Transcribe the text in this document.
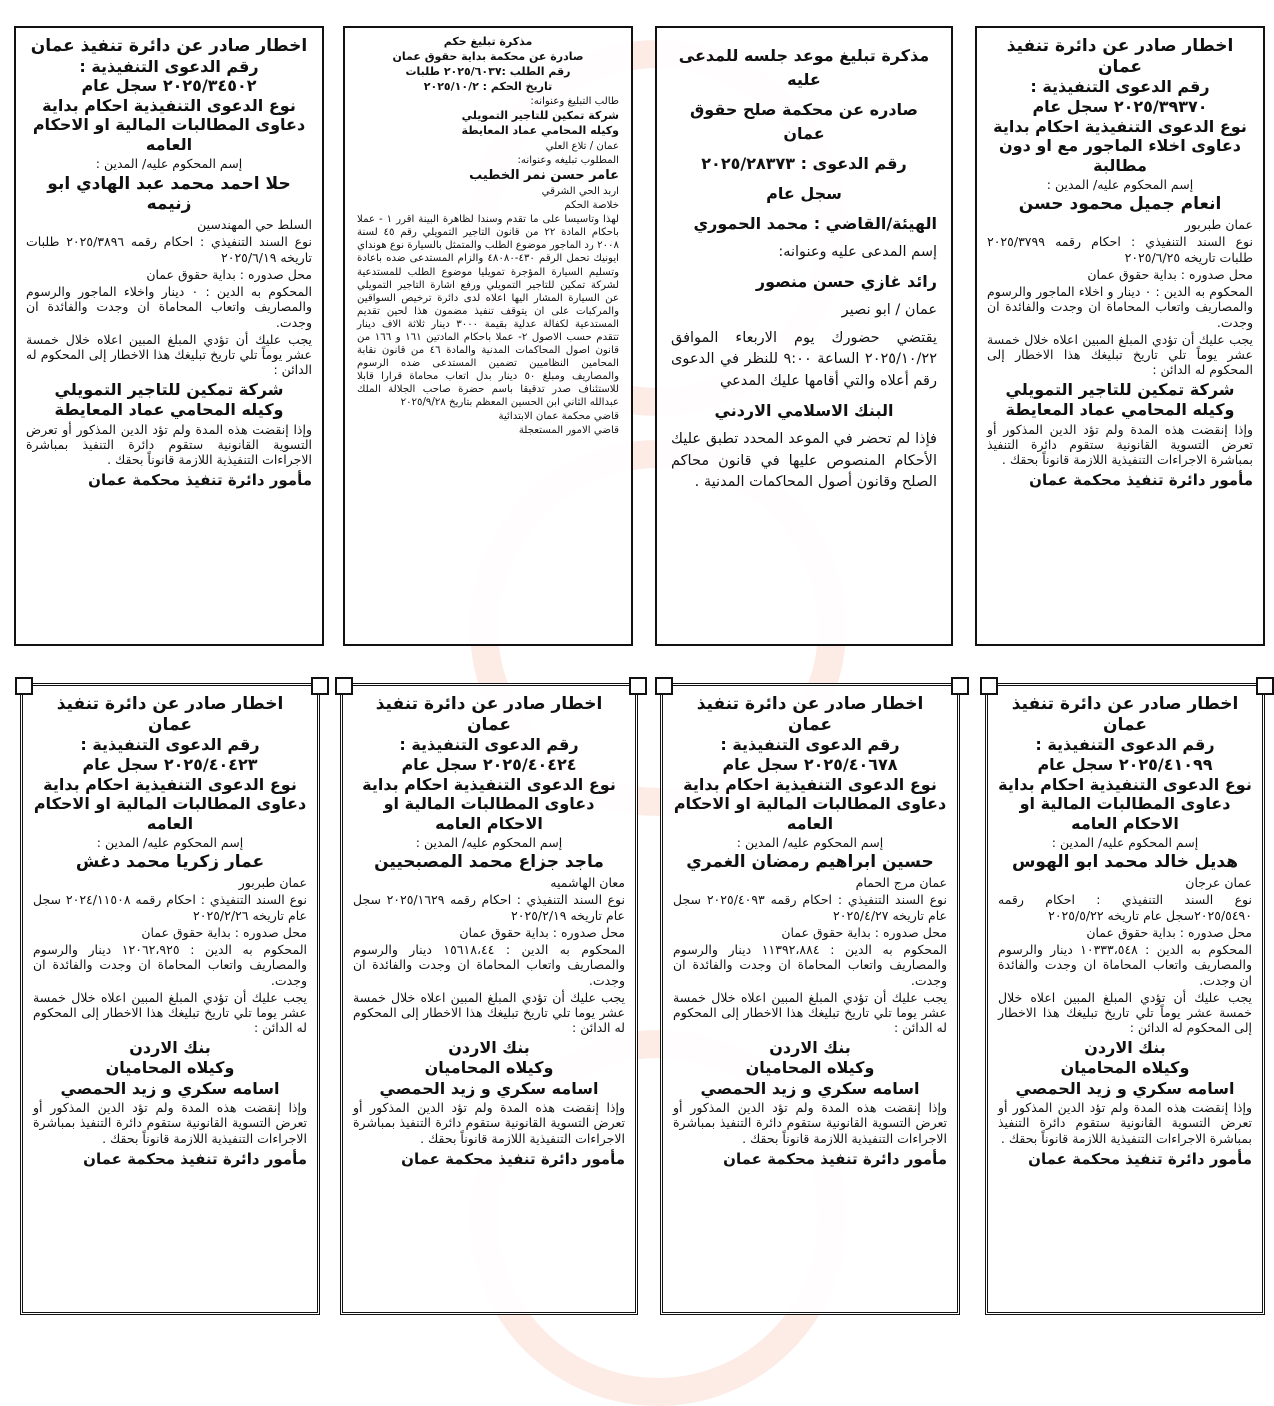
اخطار صادر عن دائرة تنفيذ عمان

رقم الدعوى التنفيذية :

٢٠٢٥/٣٩٣٧٠ سجل عام

نوع الدعوى التنفيذية احكام بداية

دعاوى اخلاء الماجور مع او دون مطالبة

إسم المحكوم عليه/ المدين :

انعام جميل محمود حسن

عمان طبربور

نوع السند التنفيذي : احكام رقمه ٢٠٢٥/٣٧٩٩ طلبات تاريخه ٢٠٢٥/٦/٢٥

محل صدوره : بداية حقوق عمان

المحكوم به الدين : ٠ دينار و اخلاء الماجور والرسوم والمصاريف واتعاب المحاماة ان وجدت والفائدة ان وجدت.

يجب عليك أن تؤدي المبلغ المبين اعلاه خلال خمسة عشر يوماً تلي تاريخ تبليغك هذا الاخطار إلى المحكوم له الدائن :

شركة تمكين للتاجير التمويلي

وكيله المحامي عماد المعايطة

وإذا إنقضت هذه المدة ولم تؤد الدين المذكور أو تعرض التسوية القانونية ستقوم دائرة التنفيذ بمباشرة الاجراءات التنفيذية اللازمة قانوناً بحقك .

مأمور دائرة تنفيذ محكمة عمان

مذكرة تبليغ موعد جلسه للمدعى عليه

صادره عن محكمة صلح حقوق عمان

رقم الدعوى : ٢٠٢٥/٢٨٣٧٣

سجل عام

الهيئة/القاضي : محمد الحموري

إسم المدعى عليه وعنوانه:

رائد غازي حسن منصور

عمان / ابو نصير

يقتضي حضورك يوم الاربعاء الموافق ٢٠٢٥/١٠/٢٢ الساعة ٩:٠٠ للنظر في الدعوى رقم أعلاه والتي أقامها عليك المدعي

البنك الاسلامي الاردني

فإذا لم تحضر في الموعد المحدد تطبق عليك الأحكام المنصوص عليها في قانون محاكم الصلح وقانون أصول المحاكمات المدنية .

مذكرة تبليغ حكم

صادرة عن محكمة بداية حقوق عمان

رقم الطلب :٢٠٢٥/٦٠٣٧ طلبات

تاريخ الحكم : ٢٠٢٥/١٠/٢

طالب التبليغ وعنوانه:

شركة تمكين للتاجير التمويلي

وكيله المحامي عماد المعايطة

عمان / تلاع العلي

المطلوب تبليغه وعنوانه:

عامر حسن نمر الخطيب

اربد الحي الشرقي

خلاصة الحكم

لهذا وتاسيسا على ما تقدم وسندا لظاهرة البينة اقرر ١ - عملا باحكام المادة ٢٢ من قانون التاجير التمويلي رقم ٤٥ لسنة ٢٠٠٨ رد الماجور موضوع الطلب والمتمثل بالسيارة نوع هونداي ايونيك تحمل الرقم ٤٣٠-٤٨٠٨٠ والزام المستدعى ضده باعادة وتسليم السيارة المؤجرة تمويليا موضوع الطلب للمستدعية لشركة تمكين للتاجير التمويلي ورفع اشارة التاجير التمويلي عن السيارة المشار اليها اعلاه لدى دائرة ترخيص السواقين والمركبات على ان يتوقف تنفيذ مضمون هذا لحين تقديم المستدعية لكفالة عدلية بقيمة ٣٠٠٠ دينار ثلاثة الاف دينار تتقدم حسب الاصول ٢- عملا باحكام المادتين ١٦١ و ١٦٦ من قانون اصول المحاكمات المدنية والمادة ٤٦ من قانون نقابة المحامين النظاميين تضمين المستدعى ضده الرسوم والمصاريف ومبلغ ٥٠ دينار بدل اتعاب محاماة قرارا قابلا للاستئناف صدر تدقيقا باسم حضرة صاحب الجلالة الملك عبدالله الثاني ابن الحسين المعظم بتاريخ ٢٠٢٥/٩/٢٨

قاضي محكمة عمان الابتدائية

قاضي الامور المستعجلة

اخطار صادر عن دائرة تنفيذ عمان

رقم الدعوى التنفيذية :

٢٠٢٥/٣٤٥٠٢ سجل عام

نوع الدعوى التنفيذية احكام بداية

دعاوى المطالبات المالية او الاحكام العامه

إسم المحكوم عليه/ المدين :

حلا احمد محمد عبد الهادي ابو زنيمه

السلط حي المهندسين

نوع السند التنفيذي : احكام رقمه ٢٠٢٥/٣٨٩٦ طلبات تاريخه ٢٠٢٥/٦/١٩

محل صدوره : بداية حقوق عمان

المحكوم به الدين : ٠ دينار واخلاء الماجور والرسوم والمصاريف واتعاب المحاماة ان وجدت والفائدة ان وجدت.

يجب عليك أن تؤدي المبلغ المبين اعلاه خلال خمسة عشر يوماً تلي تاريخ تبليغك هذا الاخطار إلى المحكوم له الدائن :

شركة تمكين للتاجير التمويلي

وكيله المحامي عماد المعايطة

وإذا إنقضت هذه المدة ولم تؤد الدين المذكور أو تعرض التسوية القانونية ستقوم دائرة التنفيذ بمباشرة الاجراءات التنفيذية اللازمة قانوناً بحقك .

مأمور دائرة تنفيذ محكمة عمان

اخطار صادر عن دائرة تنفيذ عمان

رقم الدعوى التنفيذية :

٢٠٢٥/٤١٠٩٩ سجل عام

نوع الدعوى التنفيذية احكام بداية

دعاوى المطالبات المالية او الاحكام العامه

إسم المحكوم عليه/ المدين :

هديل خالد محمد ابو الهوس

عمان عرجان

نوع السند التنفيذي : احكام رقمه ٢٠٢٥/٥٤٩٠سجل عام تاريخه ٢٠٢٥/٥/٢٢

محل صدوره : بداية حقوق عمان

المحكوم به الدين : ١٠٣٣٣،٥٤٨ دينار والرسوم والمصاريف واتعاب المحاماة ان وجدت والفائدة ان وجدت.

يجب عليك أن تؤدي المبلغ المبين اعلاه خلال خمسة عشر يوماً تلي تاريخ تبليغك هذا الاخطار إلى المحكوم له الدائن :

بنك الاردن

وكيلاه المحاميان

اسامه سكري و زيد الحمصي

وإذا إنقضت هذه المدة ولم تؤد الدين المذكور أو تعرض التسوية القانونية ستقوم دائرة التنفيذ بمباشرة الاجراءات التنفيذية اللازمة قانوناً بحقك .

مأمور دائرة تنفيذ محكمة عمان

اخطار صادر عن دائرة تنفيذ عمان

رقم الدعوى التنفيذية :

٢٠٢٥/٤٠٦٧٨ سجل عام

نوع الدعوى التنفيذية احكام بداية

دعاوى المطالبات المالية او الاحكام العامه

إسم المحكوم عليه/ المدين :

حسين ابراهيم رمضان الغمري

عمان مرج الحمام

نوع السند التنفيذي : احكام رقمه ٢٠٢٥/٤٠٩٣ سجل عام تاريخه ٢٠٢٥/٤/٢٧

محل صدوره : بداية حقوق عمان

المحكوم به الدين : ١١٣٩٢،٨٨٤ دينار والرسوم والمصاريف واتعاب المحاماة ان وجدت والفائدة ان وجدت.

يجب عليك أن تؤدي المبلغ المبين اعلاه خلال خمسة عشر يوما تلي تاريخ تبليغك هذا الاخطار إلى المحكوم له الدائن :

بنك الاردن

وكيلاه المحاميان

اسامه سكري و زيد الحمصي

وإذا إنقضت هذه المدة ولم تؤد الدين المذكور أو تعرض التسوية القانونية ستقوم دائرة التنفيذ بمباشرة الاجراءات التنفيذية اللازمة قانوناً بحقك .

مأمور دائرة تنفيذ محكمة عمان

اخطار صادر عن دائرة تنفيذ عمان

رقم الدعوى التنفيذية :

٢٠٢٥/٤٠٤٢٤ سجل عام

نوع الدعوى التنفيذية احكام بداية

دعاوى المطالبات المالية او الاحكام العامه

إسم المحكوم عليه/ المدين :

ماجد جزاع محمد المصبحيين

معان الهاشميه

نوع السند التنفيذي : احكام رقمه ٢٠٢٥/١٦٢٩ سجل عام تاريخه ٢٠٢٥/٢/١٩

محل صدوره : بداية حقوق عمان

المحكوم به الدين : ١٥٦١٨،٤٤ دينار والرسوم والمصاريف واتعاب المحاماة ان وجدت والفائدة ان وجدت.

يجب عليك أن تؤدي المبلغ المبين اعلاه خلال خمسة عشر يوما تلي تاريخ تبليغك هذا الاخطار إلى المحكوم له الدائن :

بنك الاردن

وكيلاه المحاميان

اسامه سكري و زيد الحمصي

وإذا إنقضت هذه المدة ولم تؤد الدين المذكور أو تعرض التسوية القانونية ستقوم دائرة التنفيذ بمباشرة الاجراءات التنفيذية اللازمة قانوناً بحقك .

مأمور دائرة تنفيذ محكمة عمان

اخطار صادر عن دائرة تنفيذ عمان

رقم الدعوى التنفيذية :

٢٠٢٥/٤٠٤٢٣ سجل عام

نوع الدعوى التنفيذية احكام بداية

دعاوى المطالبات المالية او الاحكام العامه

إسم المحكوم عليه/ المدين :

عمار زكريا محمد دغش

عمان طبربور

نوع السند التنفيذي : احكام رقمه ٢٠٢٤/١١٥٠٨ سجل عام تاريخه ٢٠٢٥/٢/٢٦

محل صدوره : بداية حقوق عمان

المحكوم به الدين : ١٢٠٦٢،٩٢٥ دينار والرسوم والمصاريف واتعاب المحاماة ان وجدت والفائدة ان وجدت.

يجب عليك أن تؤدي المبلغ المبين اعلاه خلال خمسة عشر يوما تلي تاريخ تبليغك هذا الاخطار إلى المحكوم له الدائن :

بنك الاردن

وكيلاه المحاميان

اسامه سكري و زيد الحمصي

وإذا إنقضت هذه المدة ولم تؤد الدين المذكور أو تعرض التسوية القانونية ستقوم دائرة التنفيذ بمباشرة الاجراءات التنفيذية اللازمة قانوناً بحقك .

مأمور دائرة تنفيذ محكمة عمان
